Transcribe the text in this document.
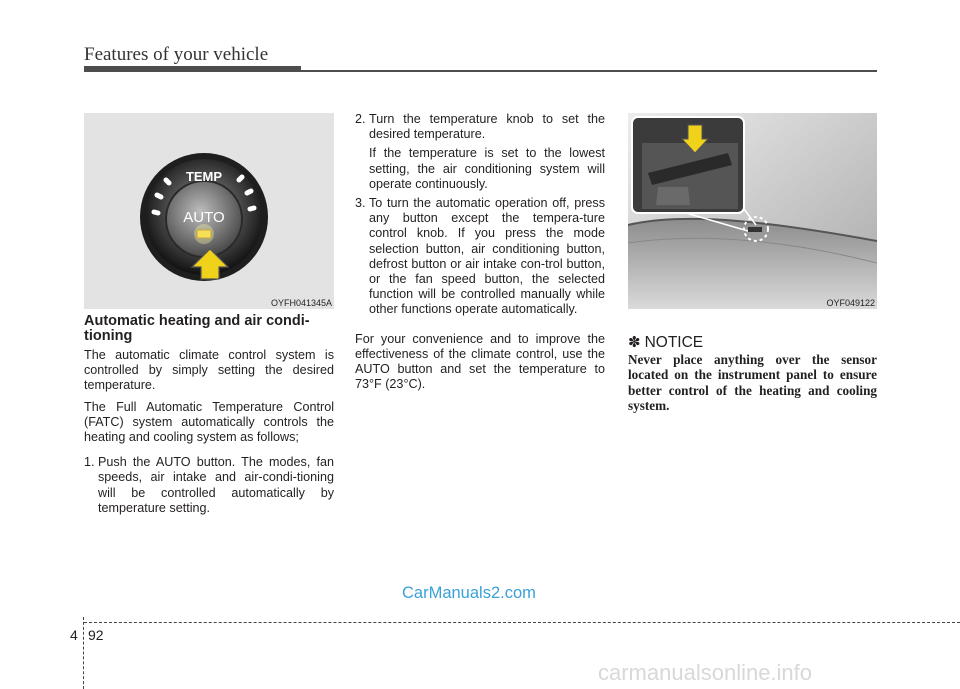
Features of your vehicle
TEMP
AUTO
OYFH041345A
Automatic heating and air condi-tioning

The automatic climate control system is controlled by simply setting the desired temperature.

The Full Automatic Temperature Control (FATC) system automatically controls the heating and cooling system as follows;

1. Push the AUTO button. The modes, fan speeds, air intake and air-condi-tioning will be controlled automatically by temperature setting.
2. Turn the temperature knob to set the desired temperature.

If the temperature is set to the lowest setting, the air conditioning system will operate continuously.

3. To turn the automatic operation off, press any button except the tempera-ture control knob. If you press the mode selection button, air conditioning button, defrost button or air intake con-trol button, or the fan speed button, the selected function will be controlled manually while other functions operate automatically.

For your convenience and to improve the effectiveness of the climate control, use the AUTO button and set the temperature to 73°F (23°C).

OYF049122
✽ NOTICE
Never place anything over the sensor located on the instrument panel to ensure better control of the heating and cooling system.
CarManuals2.com
4 92
carmanualsonline.info
